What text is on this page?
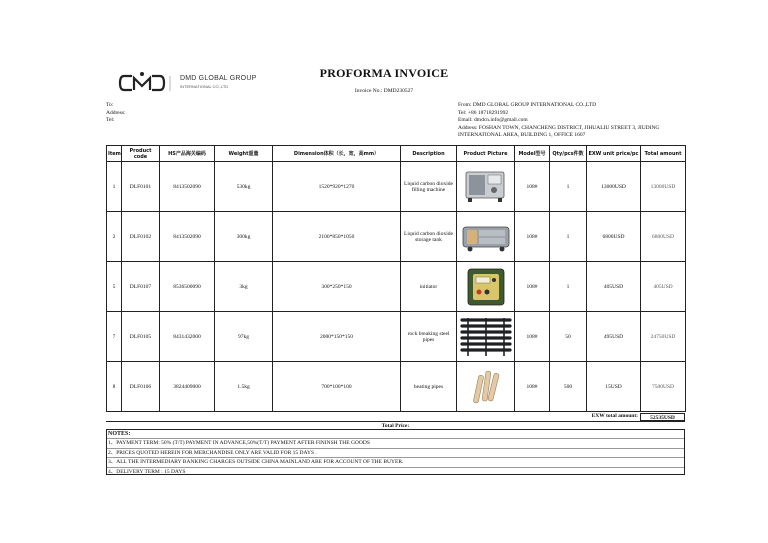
DMD GLOBAL GROUP
INTERNATIONAL CO.,LTD
PROFORMA INVOICE
Invoice No.: DMD230527
To:
Address:
Tel:
From: DMD GLOBAL GROUP INTERNATIONAL CO.,LTD
Tel: +86 18718291992
Email: dmdcn.info@gmail.com
Address: FOSHAN TOWN, CHANCHENG DISTRICT, JIHUALIU STREET 3, JIUDING INTERNATIONAL AREA, BUILDING 1, OFFICE 1607
Item	Product code	HS产品海关编码	Weight重量	Dimension体积（长，宽，高mm）	Description	Product Picture	Model型号	Qty/pcs件数	EXW unit price/pc	Total amount
1	DLF0101	8413502090	530kg	1520*920*1270	Liquid carbon dioxide filling machine		108#	1	13000USD	13000USD
2	DLF0102	8413502090	300kg	2100*850*1050	Liquid carbon dioxide storage tank		108#	1	6800USD	6800USD
5	DLF0107	8536500090	3kg	300*250*150	initiator		108#	1	405USD	405USD
7	DLF0105	8431432000	97kg	2000*150*150	rock breaking steel pipes		108#	50	495USD	24750USD
8	DLF0106	3824409000	1.5kg	700*100*100	heating pipes		108#	500	15USD	7500USD
EXW total amount:	52535USD
Total Price:
NOTES:
1、PAYMENT TERM: 50% (T/T) PAYMENT IN ADVANCE,50%(T/T) PAYMENT AFTER FININSH THE GOODS
2、PRICES QUOTED HEREIN FOR MERCHANDISE ONLY ARE VALID FOR 15 DAYS .
3、ALL THE INTERMEDIARY BANKING CHARGES OUTSIDE CHINA MAINLAND ARE FOR ACCOUNT OF THE BUYER.
4、DELIVERY TERM : 15 DAYS
